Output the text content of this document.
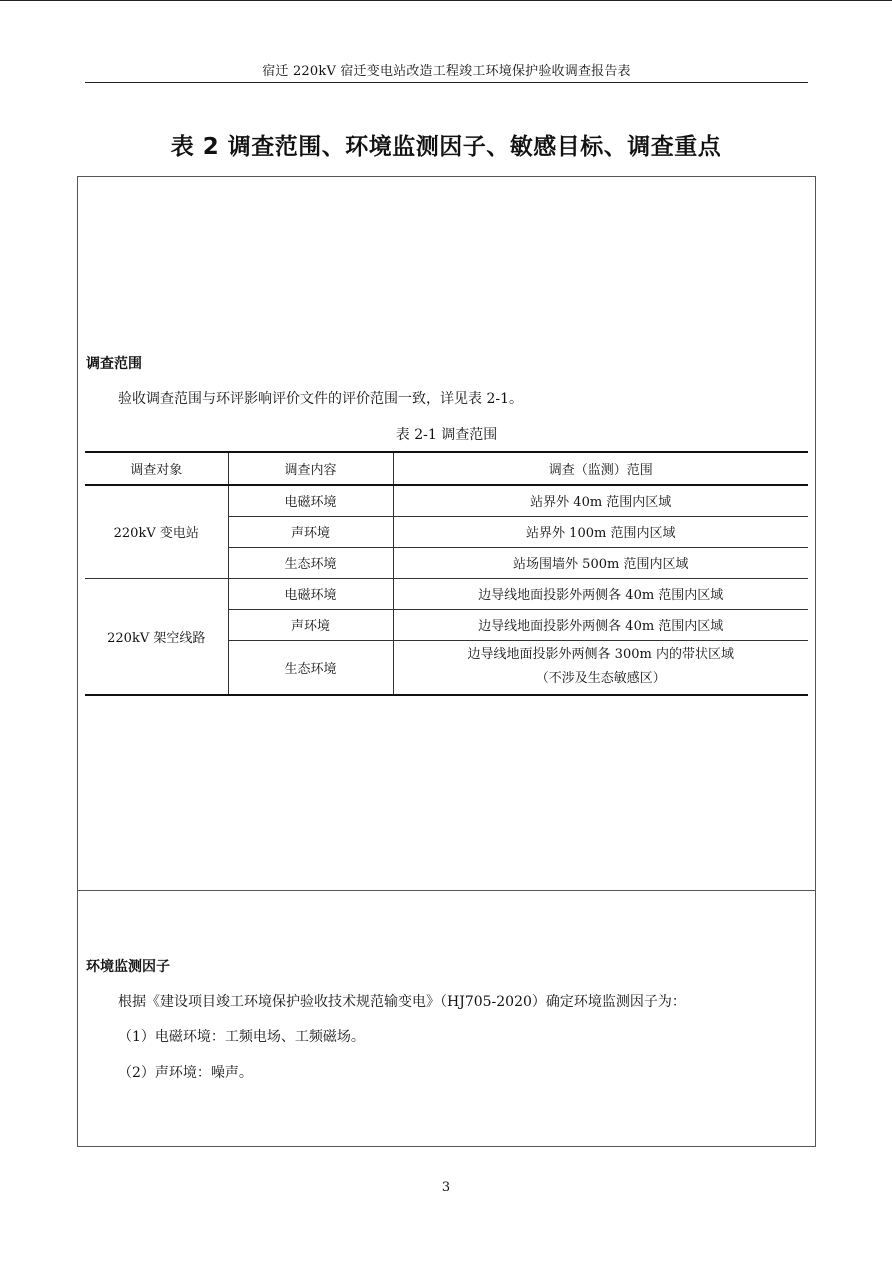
宿迁 220kV 宿迁变电站改造工程竣工环境保护验收调查报告表
表 2 调查范围、环境监测因子、敏感目标、调查重点
调查范围
验收调查范围与环评影响评价文件的评价范围一致，详见表 2-1。
表 2-1 调查范围
调查对象	调查内容	调查（监测）范围
220kV 变电站	电磁环境	站界外 40m 范围内区域
	声环境	站界外 100m 范围内区域
	生态环境	站场围墙外 500m 范围内区域
220kV 架空线路	电磁环境	边导线地面投影外两侧各 40m 范围内区域
	声环境	边导线地面投影外两侧各 40m 范围内区域
	生态环境	边导线地面投影外两侧各 300m 内的带状区域
（不涉及生态敏感区）
环境监测因子
根据《建设项目竣工环境保护验收技术规范输变电》（HJ705-2020）确定环境监测因子为：
（1）电磁环境：工频电场、工频磁场。
（2）声环境：噪声。
3
